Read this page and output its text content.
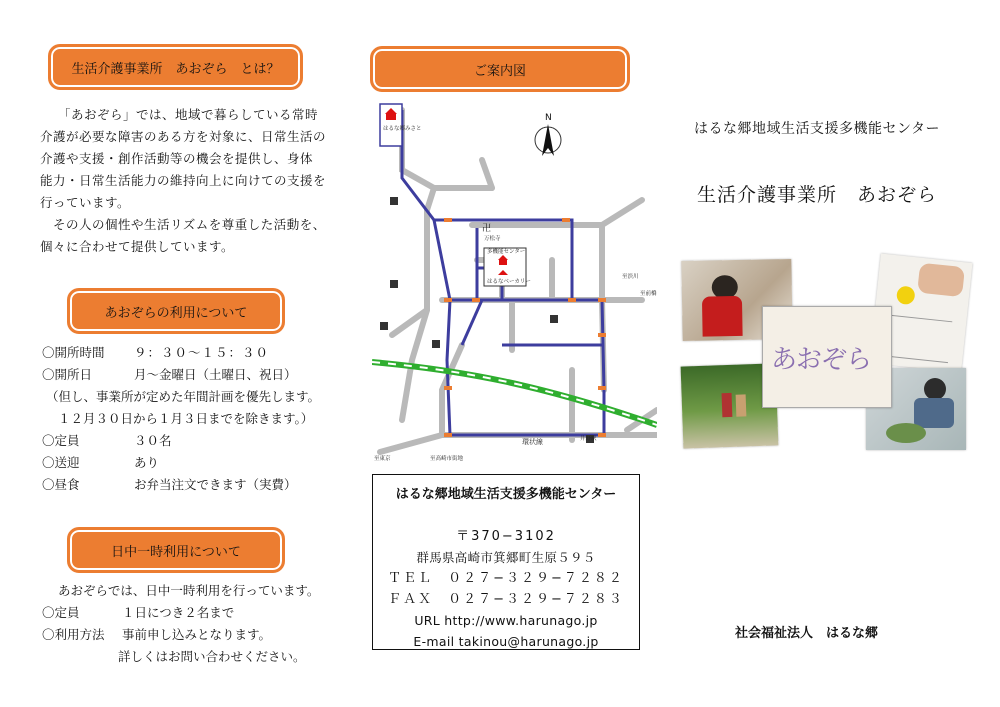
生活介護事業所　あおぞら　とは？

「あおぞら」では、地域で暮らしている常時

介護が必要な障害のある方を対象に、日常生活の

介護や支援・創作活動等の機会を提供し、身体

能力・日常生活能力の維持向上に向けての支援を

行っています。

　その人の個性や生活リズムを尊重した活動を、

個々に合わせて提供しています。

あおぞらの利用について
〇開所時間 ９：３０～１５：３０
〇開所日	月～金曜日（土曜日、祝日）
（但し、事業所が定めた年間計画を優先します。
１２月３０日から１月３日までを除きます。）
〇定員	３０名
〇送迎	あり
〇昼食	お弁当注文できます（実費）
日中一時利用について
あおぞらでは、日中一時利用を行っています。
〇定員	１日につき２名まで
〇利用方法 事前申し込みとなります。
詳しくはお問い合わせください。
ご案内図
N
はるな郷みさと
多機能センター
はるなベーカリー
万松寺
卍
環状線
至東京	至高崎市街地
至渋川
至前橋
井野駅
はるな郷地域生活支援多機能センター
〒370−3102
群馬県高崎市箕郷町生原５９５
ＴＥＬ　０２７−３２９−７２８２
ＦＡＸ　０２７−３２９−７２８３
URL http://www.harunago.jp
E-mail takinou@harunago.jp
はるな郷地域生活支援多機能センター
生活介護事業所　あおぞら
あおぞら
社会福祉法人　はるな郷
